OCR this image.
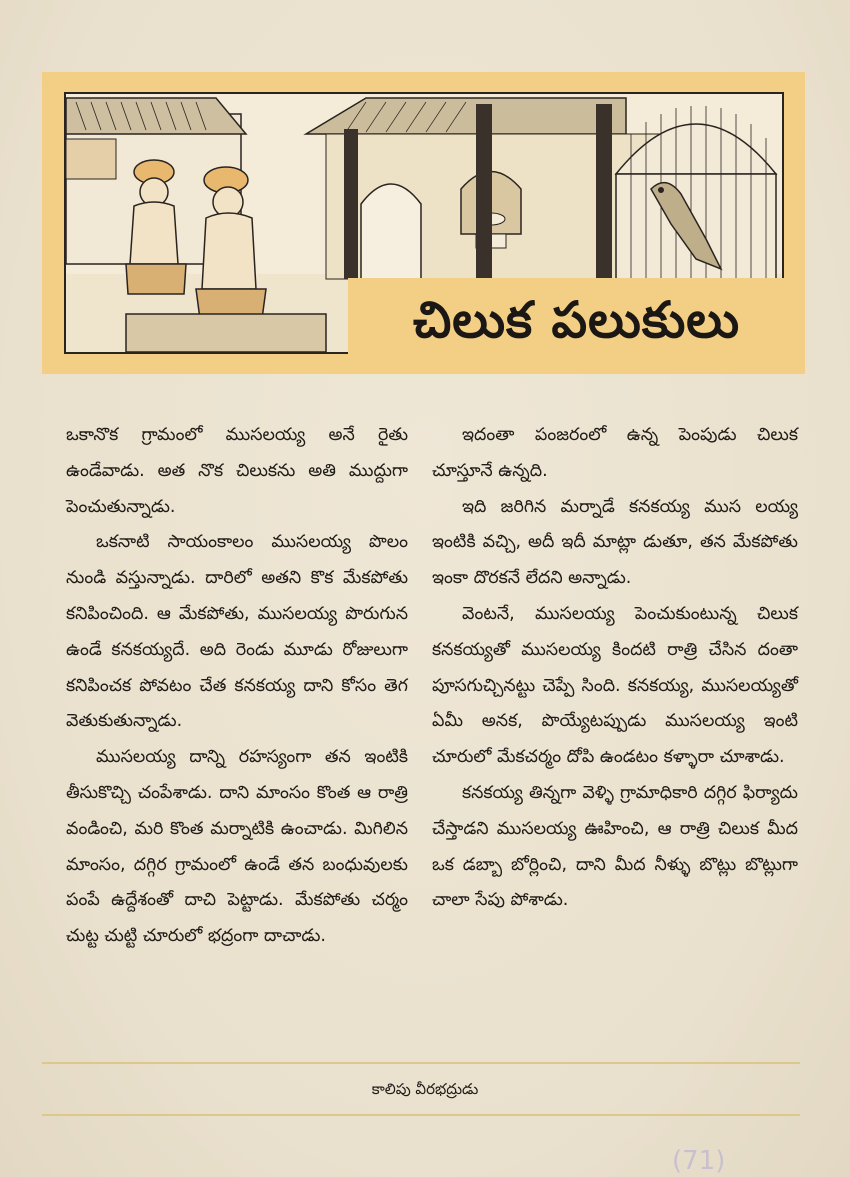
చిలుక పలుకులు

ఒకానొక గ్రామంలో ముసలయ్య అనే రైతు ఉండేవాడు. అత నొక చిలుకను అతి ముద్దుగా పెంచుతున్నాడు.

ఒకనాటి సాయంకాలం ముసలయ్య పొలం నుండి వస్తున్నాడు. దారిలో అతని కొక మేకపోతు కనిపించింది. ఆ మేకపోతు, ముసలయ్య పొరుగున ఉండే కనకయ్యదే. అది రెండు మూడు రోజులుగా కనిపించక పోవటం చేత కనకయ్య దాని కోసం తెగ వెతుకుతున్నాడు.

ముసలయ్య దాన్ని రహస్యంగా తన ఇంటికి తీసుకొచ్చి చంపేశాడు. దాని మాంసం కొంత ఆ రాత్రి వండించి, మరి కొంత మర్నాటికి ఉంచాడు. మిగిలిన మాంసం, దగ్గిర గ్రామంలో ఉండే తన బంధువులకు పంపే ఉద్దేశంతో దాచి పెట్టాడు. మేకపోతు చర్మం చుట్ట చుట్టి చూరులో భద్రంగా దాచాడు.

ఇదంతా పంజరంలో ఉన్న పెంపుడు చిలుక చూస్తూనే ఉన్నది.

ఇది జరిగిన మర్నాడే కనకయ్య ముస లయ్య ఇంటికి వచ్చి, అదీ ఇదీ మాట్లా డుతూ, తన మేకపోతు ఇంకా దొరకనే లేదని అన్నాడు.

వెంటనే, ముసలయ్య పెంచుకుంటున్న చిలుక కనకయ్యతో ముసలయ్య కిందటి రాత్రి చేసిన దంతా పూసగుచ్చినట్టు చెప్పే సింది. కనకయ్య, ముసలయ్యతో ఏమీ అనక, పొయ్యేటప్పుడు ముసలయ్య ఇంటి చూరులో మేకచర్మం దోపి ఉండటం కళ్ళారా చూశాడు.

కనకయ్య తిన్నగా వెళ్ళి గ్రామాధికారి దగ్గిర ఫిర్యాదు చేస్తాడని ముసలయ్య ఊహించి, ఆ రాత్రి చిలుక మీద ఒక డబ్బా బోర్లించి, దాని మీద నీళ్ళు బొట్లు బొట్లుగా చాలా సేపు పోశాడు.

కాలిపు వీరభద్రుడు
(71)
